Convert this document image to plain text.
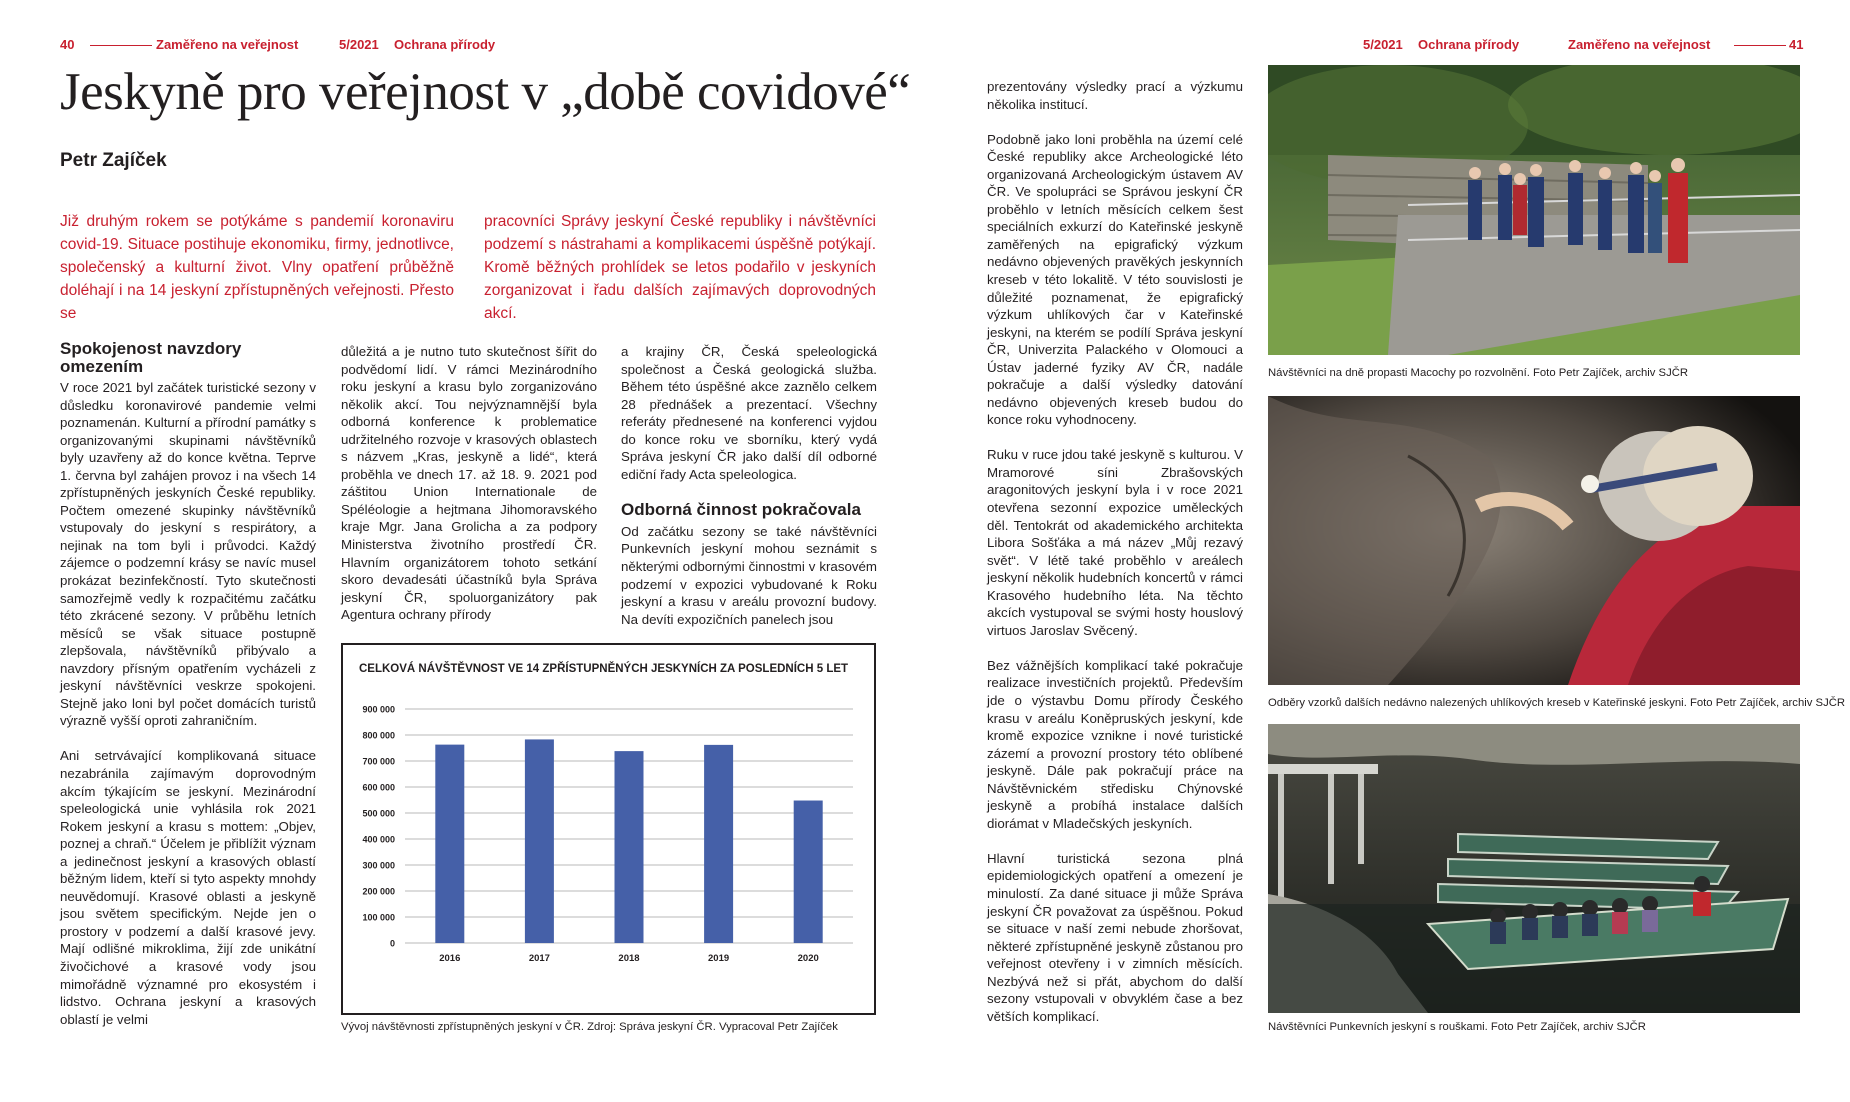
40	Zaměřeno na veřejnost	5/2021 Ochrana přírody	5/2021 Ochrana přírody	Zaměřeno na veřejnost	41
Jeskyně pro veřejnost v „době covidové“
Petr Zajíček

Již druhým rokem se potýkáme s pandemií koronaviru covid-19. Situace postihuje ekonomiku, firmy, jednotlivce, společenský a kulturní život. Vlny opatření průběžně doléhají i na 14 jeskyní zpřístupněných veřejnosti. Přesto se

pracovníci Správy jeskyní České republiky i návštěvníci podzemí s nástrahami a komplikacemi úspěšně potýkají. Kromě běžných prohlídek se letos podařilo v jeskyních zorganizovat i řadu dalších zajímavých doprovodných akcí.

Spokojenost navzdory omezením

V roce 2021 byl začátek turistické sezony v důsledku koronavirové pandemie velmi poznamenán. Kulturní a přírodní památky s organizovanými skupinami návštěvníků byly uzavřeny až do konce května. Teprve 1. června byl zahájen provoz i na všech 14 zpřístupněných jeskyních České republiky. Počtem omezené skupinky návštěvníků vstupovaly do jeskyní s respirátory, a nejinak na tom byli i průvodci. Každý zájemce o podzemní krásy se navíc musel prokázat bezinfekčností. Tyto skutečnosti samozřejmě vedly k rozpačitému začátku této zkrácené sezony. V průběhu letních měsíců se však situace postupně zlepšovala, návštěvníků přibývalo a navzdory přísným opatřením vycházeli z jeskyní návštěvníci veskrze spokojeni. Stejně jako loni byl počet domácích turistů výrazně vyšší oproti zahraničním.

Ani setrvávající komplikovaná situace nezabránila zajímavým doprovodným akcím týkajícím se jeskyní. Mezinárodní speleologická unie vyhlásila rok 2021 Rokem jeskyní a krasu s mottem: „Objev, poznej a chraň.“ Účelem je přiblížit význam a jedinečnost jeskyní a krasových oblastí běžným lidem, kteří si tyto aspekty mnohdy neuvědomují. Krasové oblasti a jeskyně jsou světem specifickým. Nejde jen o prostory v podzemí a další krasové jevy. Mají odlišné mikroklima, žijí zde unikátní živočichové a krasové vody jsou mimořádně významné pro ekosystém i lidstvo. Ochrana jeskyní a krasových oblastí je velmi

důležitá a je nutno tuto skutečnost šířit do podvědomí lidí. V rámci Mezinárodního roku jeskyní a krasu bylo zorganizováno několik akcí. Tou nejvýznamnější byla odborná konference k problematice udržitelného rozvoje v krasových oblastech s názvem „Kras, jeskyně a lidé“, která proběhla ve dnech 17. až 18. 9. 2021 pod záštitou Union Internationale de Spéléologie a hejtmana Jihomoravského kraje Mgr. Jana Grolicha a za podpory Ministerstva životního prostředí ČR. Hlavním organizátorem tohoto setkání skoro devadesáti účastníků byla Správa jeskyní ČR, spoluorganizátory pak Agentura ochrany přírody

a krajiny ČR, Česká speleologická společnost a Česká geologická služba. Během této úspěšné akce zaznělo celkem 28 přednášek a prezentací. Všechny referáty přednesené na konferenci vyjdou do konce roku ve sborníku, který vydá Správa jeskyní ČR jako další díl odborné ediční řady Acta speleologica.

Odborná činnost pokračovala

Od začátku sezony se také návštěvníci Punkevních jeskyní mohou seznámit s některými odbornými činnostmi v krasovém podzemí v expozici vybudované k Roku jeskyní a krasu v areálu provozní budovy. Na devíti expozičních panelech jsou

CELKOVÁ NÁVŠTĚVNOST VE 14 ZPŘÍSTUPNĚNÝCH JESKYNÍCH ZA POSLEDNÍCH 5 LET
0
100 000
200 000
300 000
400 000
500 000
600 000
700 000
800 000
900 000
2016	2017	2018	2019	2020
Vývoj návštěvnosti zpřístupněných jeskyní v ČR. Zdroj: Správa jeskyní ČR. Vypracoval Petr Zajíček

prezentovány výsledky prací a výzkumu několika institucí.

Podobně jako loni proběhla na území celé České republiky akce Archeologické léto organizovaná Archeologickým ústavem AV ČR. Ve spolupráci se Správou jeskyní ČR proběhlo v letních měsících celkem šest speciálních exkurzí do Kateřinské jeskyně zaměřených na epigrafický výzkum nedávno objevených pravěkých jeskynních kreseb v této lokalitě. V této souvislosti je důležité poznamenat, že epigrafický výzkum uhlíkových čar v Kateřinské jeskyni, na kterém se podílí Správa jeskyní ČR, Univerzita Palackého v Olomouci a Ústav jaderné fyziky AV ČR, nadále pokračuje a další výsledky datování nedávno objevených kreseb budou do konce roku vyhodnoceny.

Ruku v ruce jdou také jeskyně s kulturou. V Mramorové síni Zbrašovských aragonitových jeskyní byla i v roce 2021 otevřena sezonní expozice uměleckých děl. Tentokrát od akademického architekta Libora Sošťáka a má název „Můj rezavý svět“. V létě také proběhlo v areálech jeskyní několik hudebních koncertů v rámci Krasového hudebního léta. Na těchto akcích vystupoval se svými hosty houslový virtuos Jaroslav Svěcený.

Bez vážnějších komplikací také pokračuje realizace investičních projektů. Především jde o výstavbu Domu přírody Českého krasu v areálu Koněpruských jeskyní, kde kromě expozice vznikne i nové turistické zázemí a provozní prostory této oblíbené jeskyně. Dále pak pokračují práce na Návštěvnickém středisku Chýnovské jeskyně a probíhá instalace dalších diorámat v Mladečských jeskyních.

Hlavní turistická sezona plná epidemiologických opatření a omezení je minulostí. Za dané situace ji může Správa jeskyní ČR považovat za úspěšnou. Pokud se situace v naší zemi nebude zhoršovat, některé zpřístupněné jeskyně zůstanou pro veřejnost otevřeny i v zimních měsících. Nezbývá než si přát, abychom do další sezony vstupovali v obvyklém čase a bez větších komplikací.

Návštěvníci na dně propasti Macochy po rozvolnění. Foto Petr Zajíček, archiv SJČR
Odběry vzorků dalších nedávno nalezených uhlíkových kreseb v Kateřinské jeskyni. Foto Petr Zajíček, archiv SJČR
Návštěvníci Punkevních jeskyní s rouškami. Foto Petr Zajíček, archiv SJČR
